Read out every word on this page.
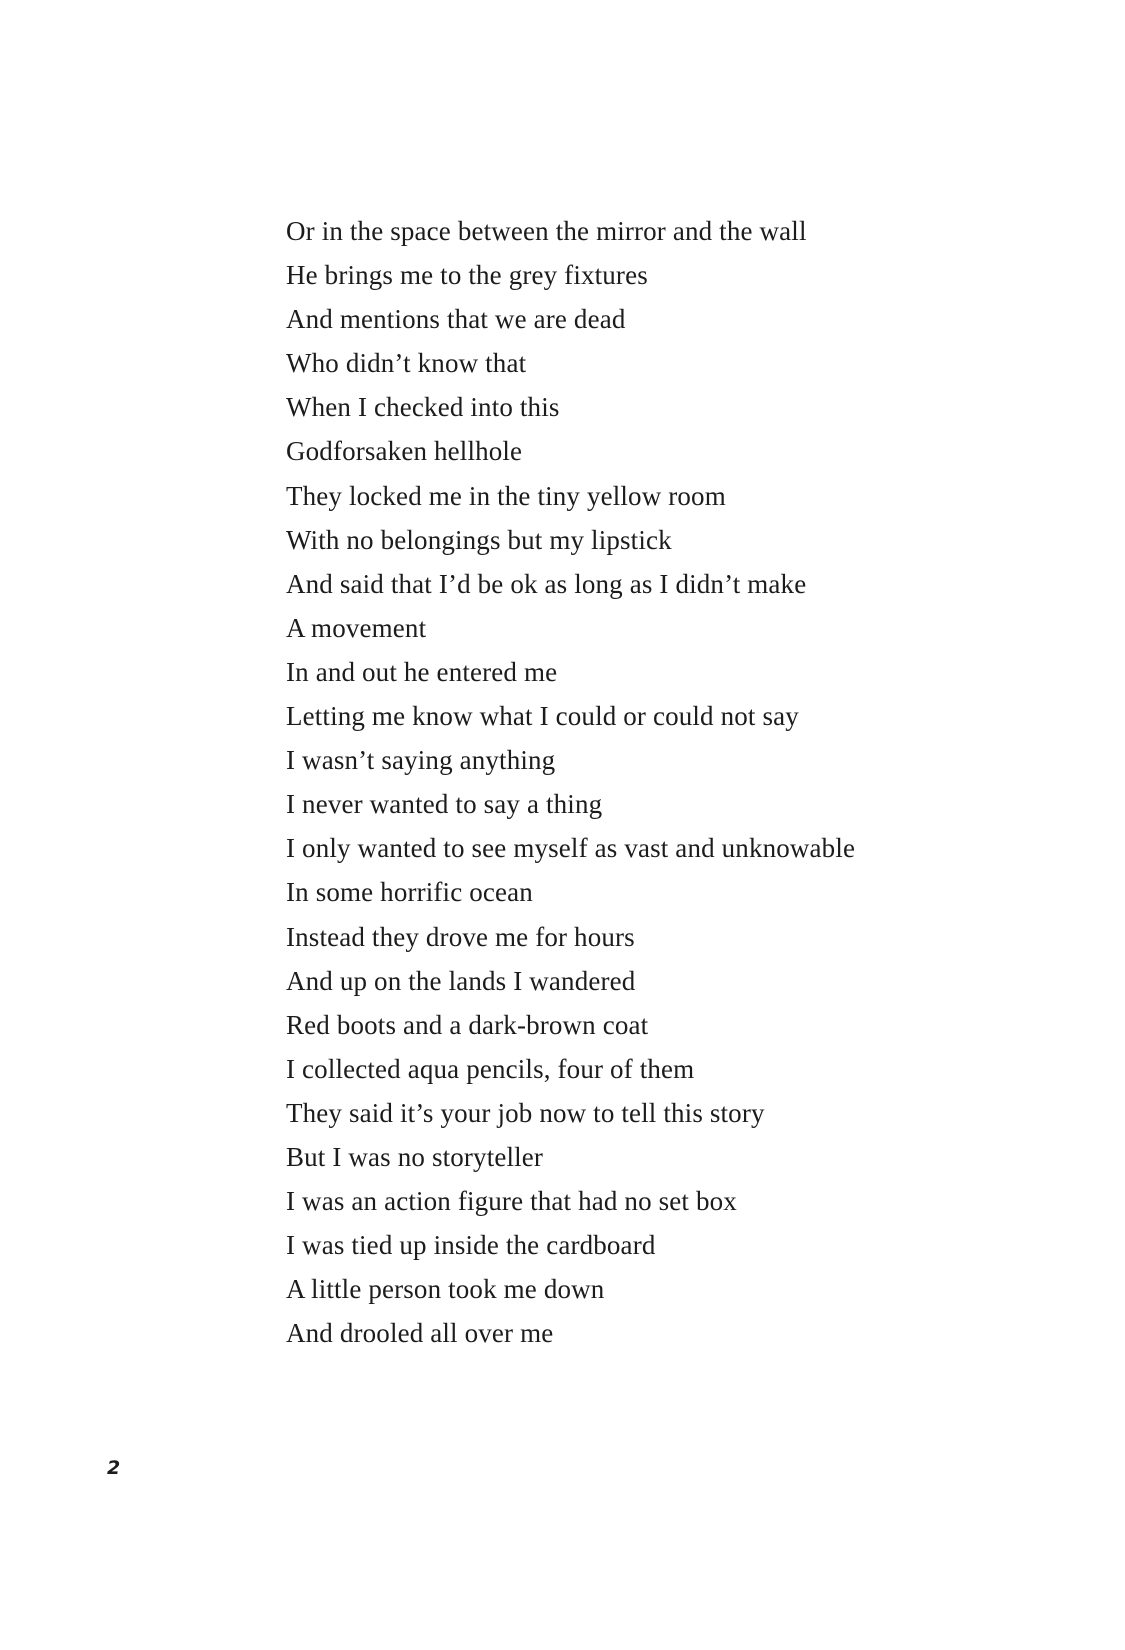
Or in the space between the mirror and the wall
He brings me to the grey fixtures
And mentions that we are dead
Who didn’t know that
When I checked into this
Godforsaken hellhole
They locked me in the tiny yellow room
With no belongings but my lipstick
And said that I’d be ok as long as I didn’t make
A movement
In and out he entered me
Letting me know what I could or could not say
I wasn’t saying anything
I never wanted to say a thing
I only wanted to see myself as vast and unknowable
In some horrific ocean
Instead they drove me for hours
And up on the lands I wandered
Red boots and a dark-brown coat
I collected aqua pencils, four of them
They said it’s your job now to tell this story
But I was no storyteller
I was an action figure that had no set box
I was tied up inside the cardboard
A little person took me down
And drooled all over me
2
